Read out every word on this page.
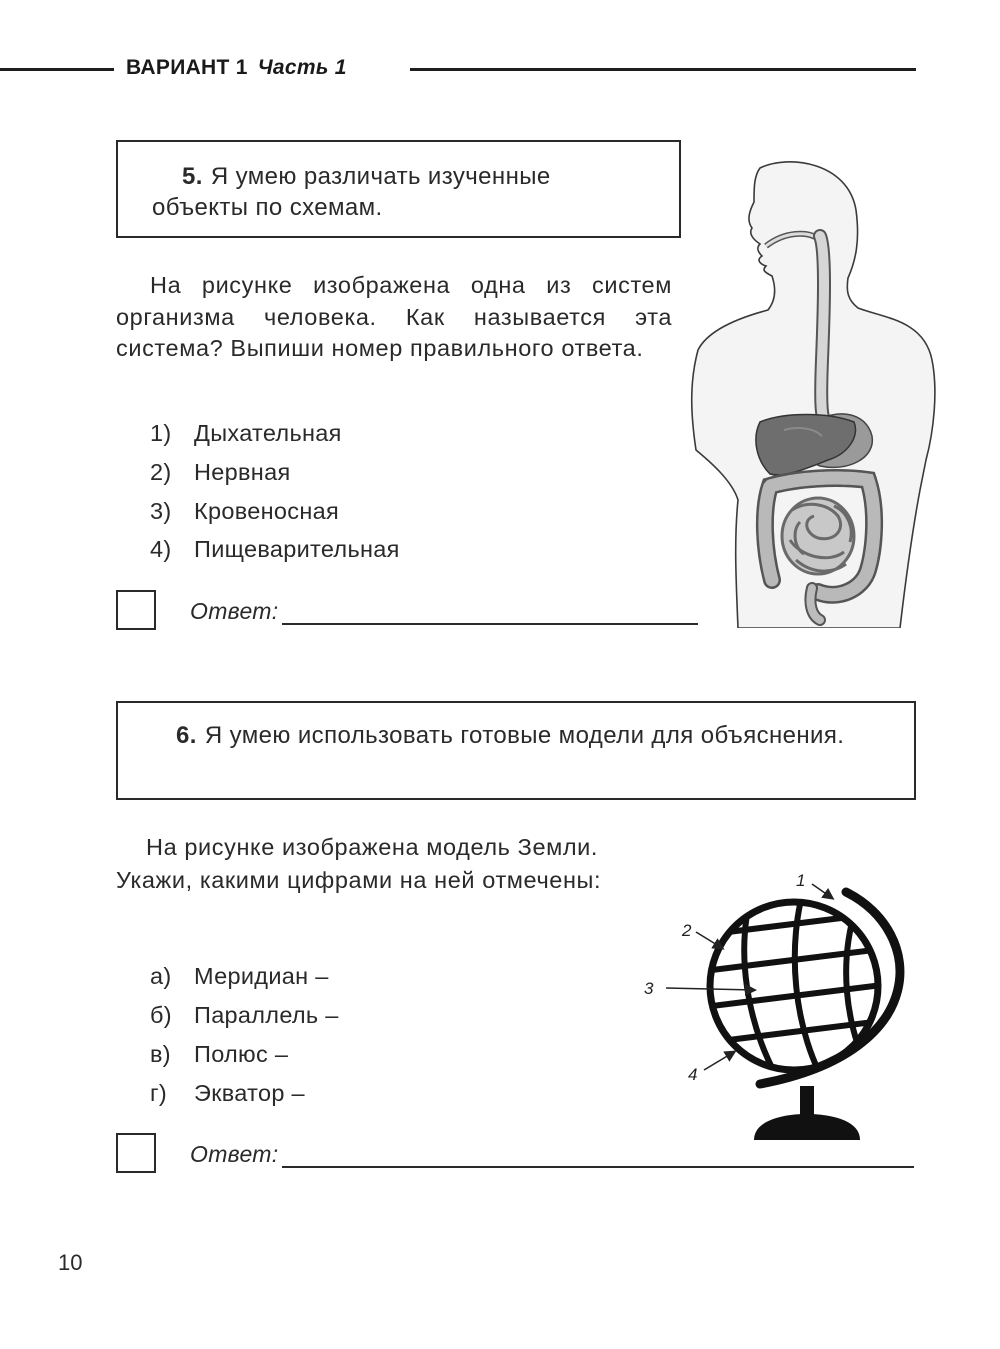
ВАРИАНТ 1 Часть 1
5. Я умею различать изученные
объекты по схемам.
На рисунке изображена одна из систем организма человека. Как называется эта система? Выпиши номер правильного ответа.
1) Дыхательная
2) Нервная
3) Кровеносная
4) Пищеварительная
Ответ:
6. Я умею использовать готовые модели для объяснения.
На рисунке изображена модель Земли.
Укажи, какими цифрами на ней отмечены:
а) Меридиан –
б) Параллель –
в) Полюс –
г) Экватор –
Ответ:
1
2
3
4
10
